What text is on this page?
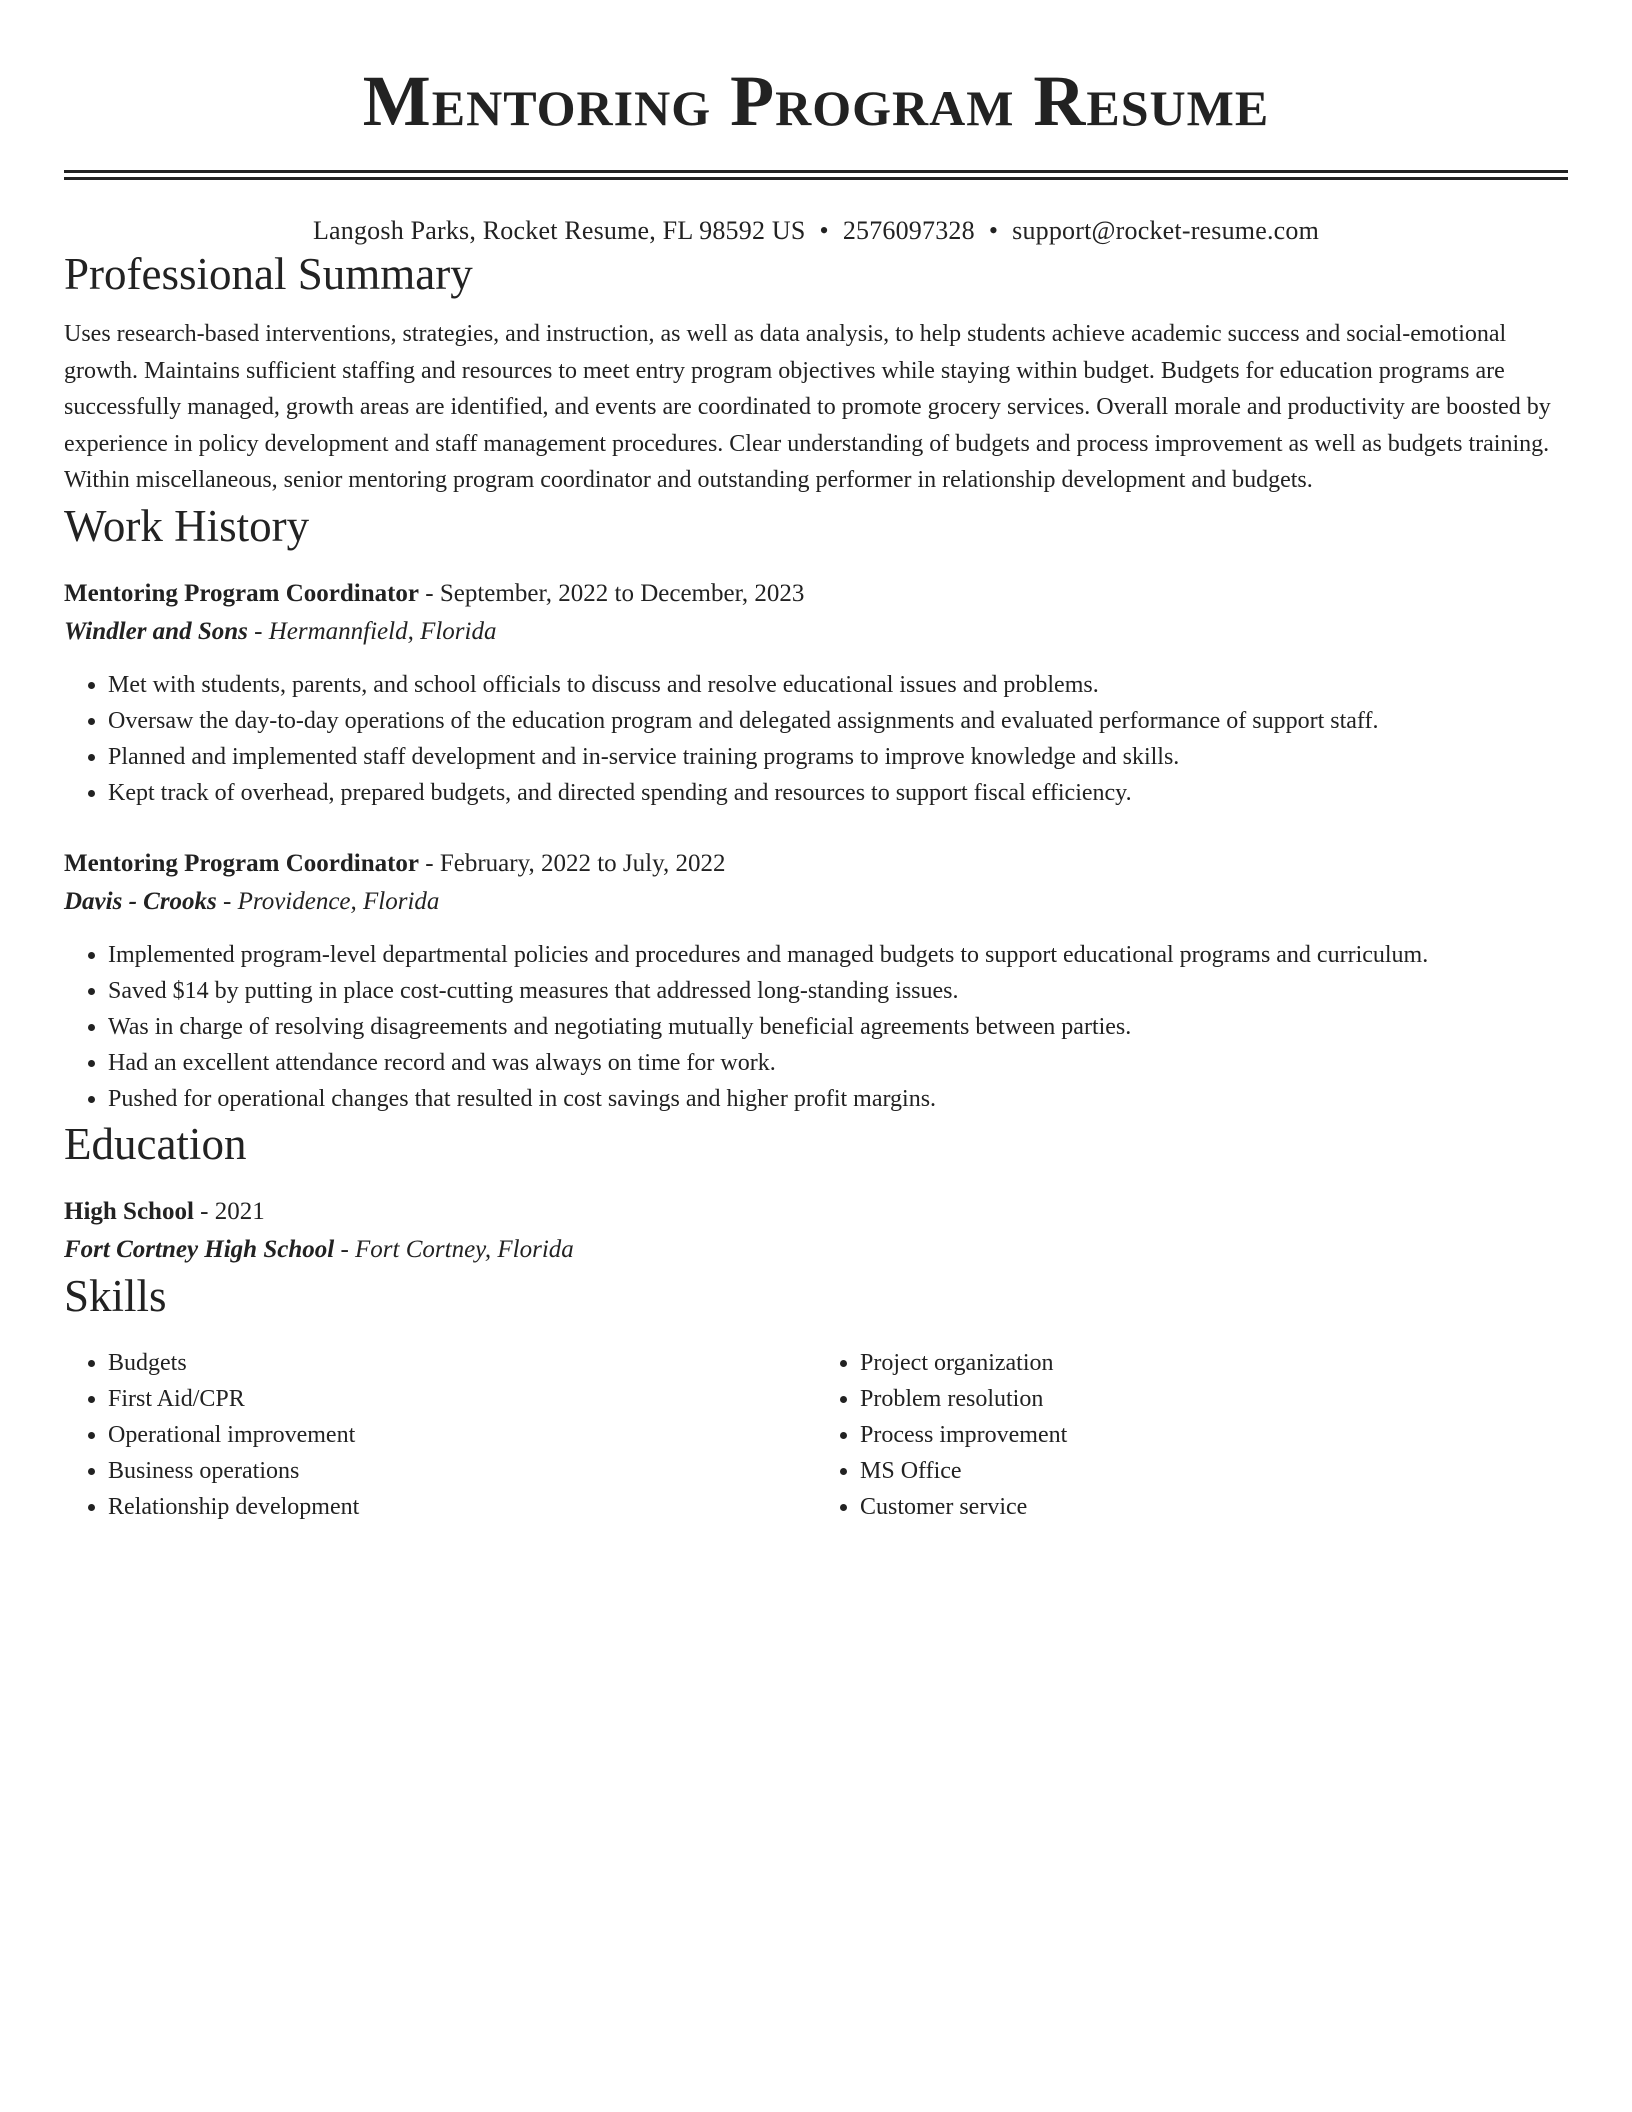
Mentoring Program Resume
Langosh Parks, Rocket Resume, FL 98592 US • 2576097328 • support@rocket-resume.com
Professional Summary

Uses research-based interventions, strategies, and instruction, as well as data analysis, to help students achieve academic success and social-emotional growth. Maintains sufficient staffing and resources to meet entry program objectives while staying within budget. Budgets for education programs are successfully managed, growth areas are identified, and events are coordinated to promote grocery services. Overall morale and productivity are boosted by experience in policy development and staff management procedures. Clear understanding of budgets and process improvement as well as budgets training. Within miscellaneous, senior mentoring program coordinator and outstanding performer in relationship development and budgets.

Work History
Mentoring Program Coordinator - September, 2022 to December, 2023
Windler and Sons - Hermannfield, Florida
• Met with students, parents, and school officials to discuss and resolve educational issues and problems.
• Oversaw the day-to-day operations of the education program and delegated assignments and evaluated performance of support staff.
• Planned and implemented staff development and in-service training programs to improve knowledge and skills.
• Kept track of overhead, prepared budgets, and directed spending and resources to support fiscal efficiency.
Mentoring Program Coordinator - February, 2022 to July, 2022
Davis - Crooks - Providence, Florida
• Implemented program-level departmental policies and procedures and managed budgets to support educational programs and curriculum.
• Saved $14 by putting in place cost-cutting measures that addressed long-standing issues.
• Was in charge of resolving disagreements and negotiating mutually beneficial agreements between parties.
• Had an excellent attendance record and was always on time for work.
• Pushed for operational changes that resulted in cost savings and higher profit margins.
Education
High School - 2021
Fort Cortney High School - Fort Cortney, Florida
Skills
• Budgets
• First Aid/CPR
• Operational improvement
• Business operations
• Relationship development
• Project organization
• Problem resolution
• Process improvement
• MS Office
• Customer service
